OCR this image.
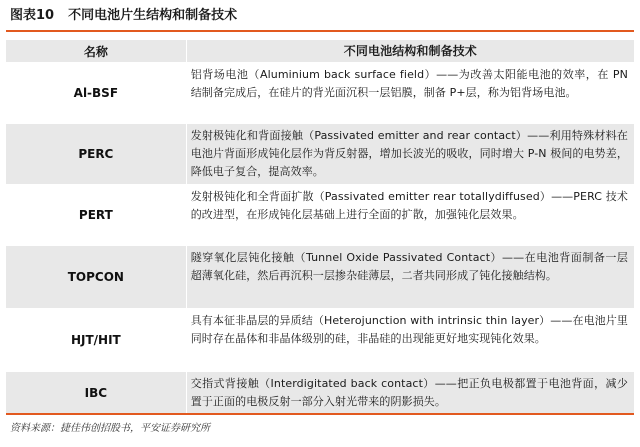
图表10 不同电池片生结构和制备技术
名称	不同电池结构和制备技术
Al-BSF
铝背场电池（Aluminium back surface field）——为改善太阳能电池的效率，在 PN 结制备完成后，在硅片的背光面沉积一层铝膜，制备 P+层，称为铝背场电池。
PERC
发射极钝化和背面接触（Passivated emitter and rear contact）——利用特殊材料在电池片背面形成钝化层作为背反射器，增加长波光的吸收，同时增大 P-N 极间的电势差，降低电子复合，提高效率。
PERT
发射极钝化和全背面扩散（Passivated emitter rear totallydiffused）——PERC 技术的改进型，在形成钝化层基础上进行全面的扩散，加强钝化层效果。
TOPCON
隧穿氧化层钝化接触（Tunnel Oxide Passivated Contact）——在电池背面制备一层超薄氧化硅，然后再沉积一层掺杂硅薄层，二者共同形成了钝化接触结构。
HJT/HIT
具有本征非晶层的异质结（Heterojunction with intrinsic thin layer）——在电池片里同时存在晶体和非晶体级别的硅，非晶硅的出现能更好地实现钝化效果。
IBC
交指式背接触（Interdigitated back contact）——把正负电极都置于电池背面，减少置于正面的电极反射一部分入射光带来的阴影损失。
资料来源：捷佳伟创招股书，平安证券研究所
